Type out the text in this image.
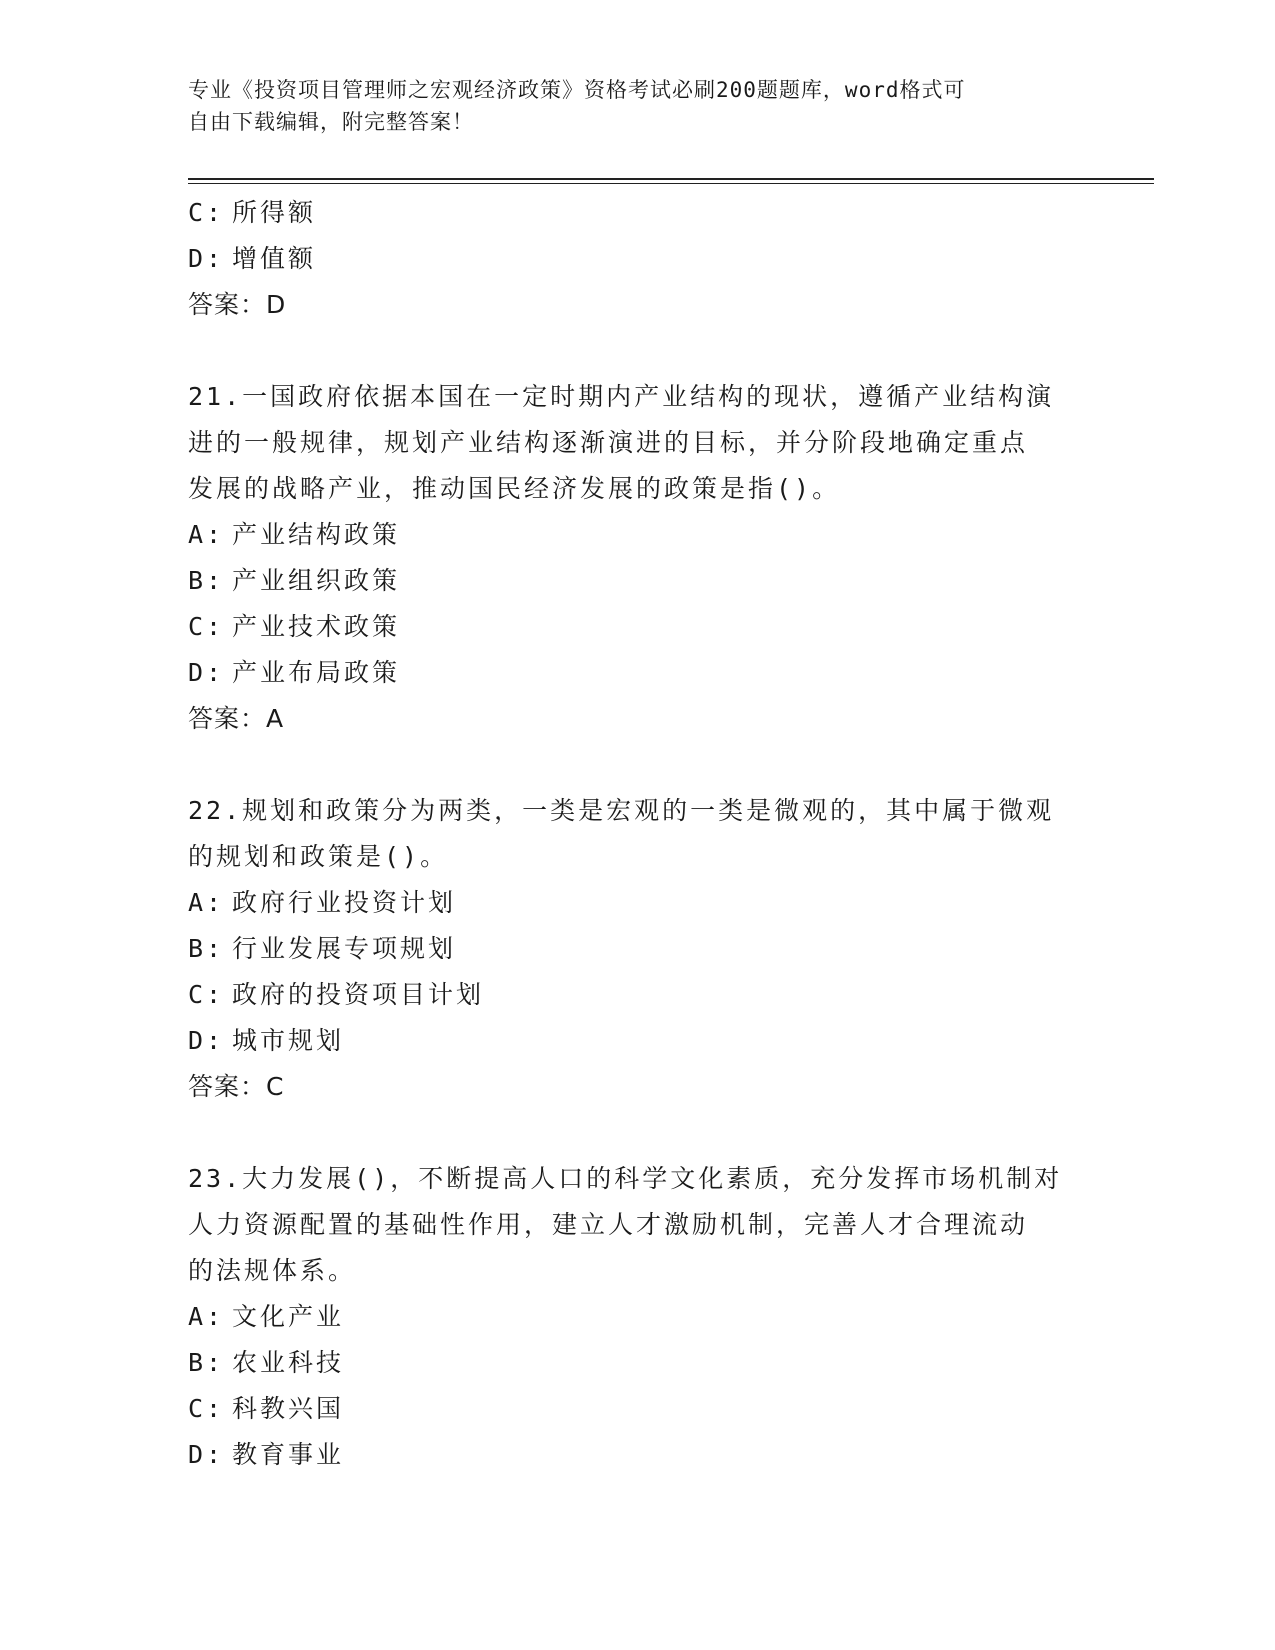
专业《投资项目管理师之宏观经济政策》资格考试必刷200题题库，word格式可
自由下载编辑，附完整答案！
C: 所得额
D: 增值额
答案：D
21.一国政府依据本国在一定时期内产业结构的现状，遵循产业结构演
进的一般规律，规划产业结构逐渐演进的目标，并分阶段地确定重点
发展的战略产业，推动国民经济发展的政策是指()。
A: 产业结构政策
B: 产业组织政策
C: 产业技术政策
D: 产业布局政策
答案：A
22.规划和政策分为两类，一类是宏观的一类是微观的，其中属于微观
的规划和政策是()。
A: 政府行业投资计划
B: 行业发展专项规划
C: 政府的投资项目计划
D: 城市规划
答案：C
23.大力发展()，不断提高人口的科学文化素质，充分发挥市场机制对
人力资源配置的基础性作用，建立人才激励机制，完善人才合理流动
的法规体系。
A: 文化产业
B: 农业科技
C: 科教兴国
D: 教育事业
